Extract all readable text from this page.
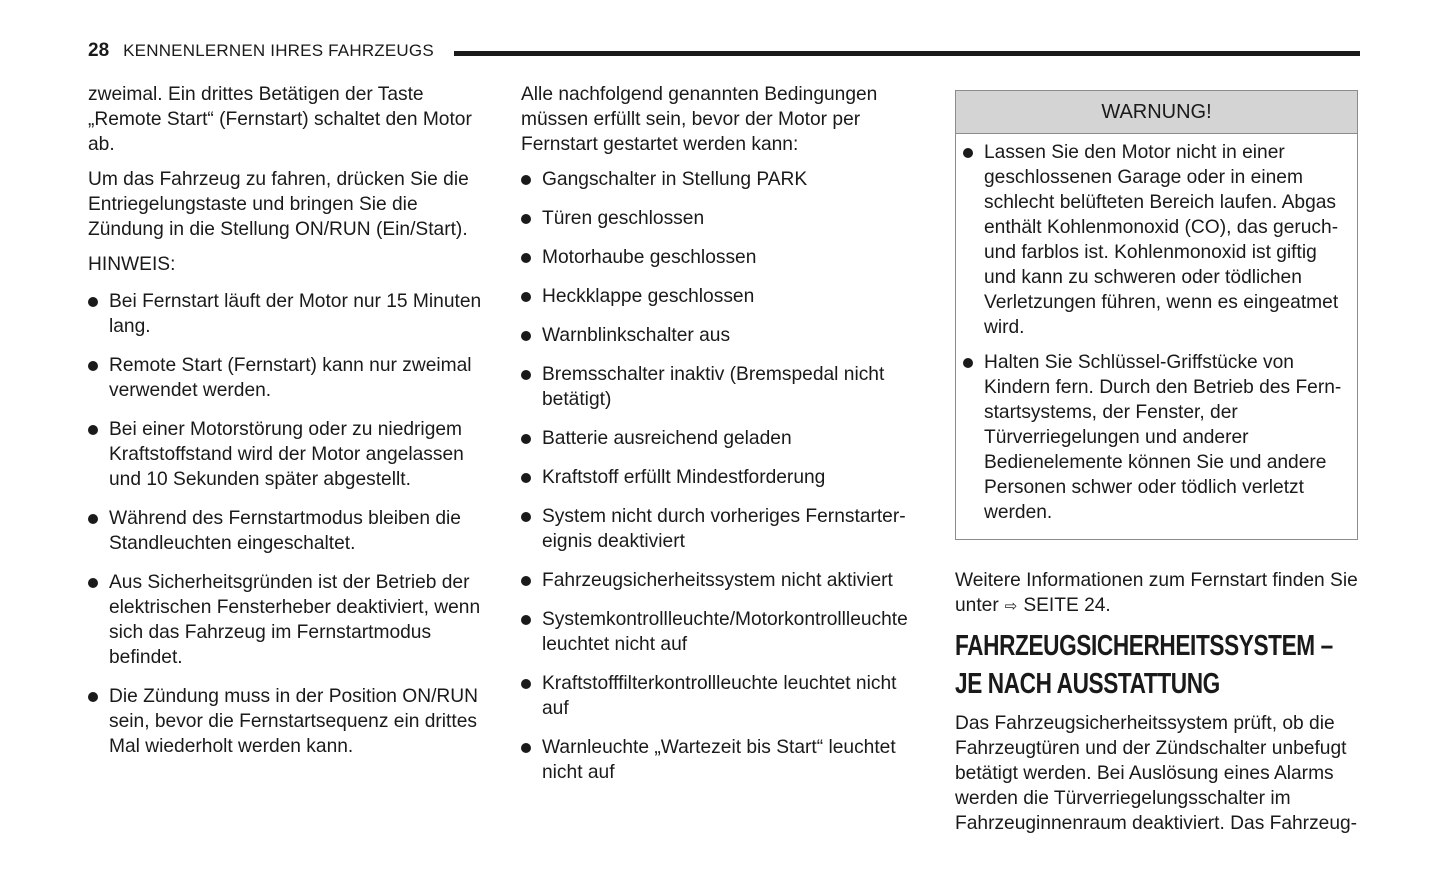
28 KENNENLERNEN IHRES FAHRZEUGS

zweimal. Ein drittes Betätigen der Taste „Remote Start“ (Fernstart) schaltet den Motor ab.

Um das Fahrzeug zu fahren, drücken Sie die Entriegelungstaste und bringen Sie die Zündung in die Stellung ON/RUN (Ein/Start).

HINWEIS:

Bei Fernstart läuft der Motor nur 15 Minuten lang.
Remote Start (Fernstart) kann nur zweimal verwendet werden.
Bei einer Motorstörung oder zu niedrigem Kraftstoffstand wird der Motor angelassen und 10 Sekunden später abgestellt.
Während des Fernstartmodus bleiben die Standleuchten eingeschaltet.
Aus Sicherheitsgründen ist der Betrieb der elektrischen Fensterheber deaktiviert, wenn sich das Fahrzeug im Fernstartmodus befindet.
Die Zündung muss in der Position ON/RUN sein, bevor die Fernstartsequenz ein drittes Mal wiederholt werden kann.

Alle nachfolgend genannten Bedingungen müssen erfüllt sein, bevor der Motor per Fernstart gestartet werden kann:

Gangschalter in Stellung PARK
Türen geschlossen
Motorhaube geschlossen
Heckklappe geschlossen
Warnblinkschalter aus
Bremsschalter inaktiv (Bremspedal nicht betätigt)
Batterie ausreichend geladen
Kraftstoff erfüllt Mindestforderung
System nicht durch vorheriges Fernstartereignis deaktiviert
Fahrzeugsicherheitssystem nicht aktiviert
Systemkontrollleuchte/Motorkontrollleuchte leuchtet nicht auf
Kraftstofffilterkontrollleuchte leuchtet nicht auf
Warnleuchte „Wartezeit bis Start“ leuchtet nicht auf
WARNUNG!
Lassen Sie den Motor nicht in einer geschlossenen Garage oder in einem schlecht belüfteten Bereich laufen. Abgas enthält Kohlenmonoxid (CO), das geruch- und farblos ist. Kohlenmonoxid ist giftig und kann zu schweren oder tödlichen Verletzungen führen, wenn es eingeatmet wird.
Halten Sie Schlüssel-Griffstücke von Kindern fern. Durch den Betrieb des Fernstartsystems, der Fenster, der Türverriegelungen und anderer Bedienelemente können Sie und andere Personen schwer oder tödlich verletzt werden.

Weitere Informationen zum Fernstart finden Sie unter ⇨ SEITE 24.

FAHRZEUGSICHERHEITSSYSTEM – JE NACH AUSSTATTUNG

Das Fahrzeugsicherheitssystem prüft, ob die Fahrzeugtüren und der Zündschalter unbefugt betätigt werden. Bei Auslösung eines Alarms werden die Türverriegelungsschalter im Fahrzeuginnenraum deaktiviert. Das Fahrzeug-
